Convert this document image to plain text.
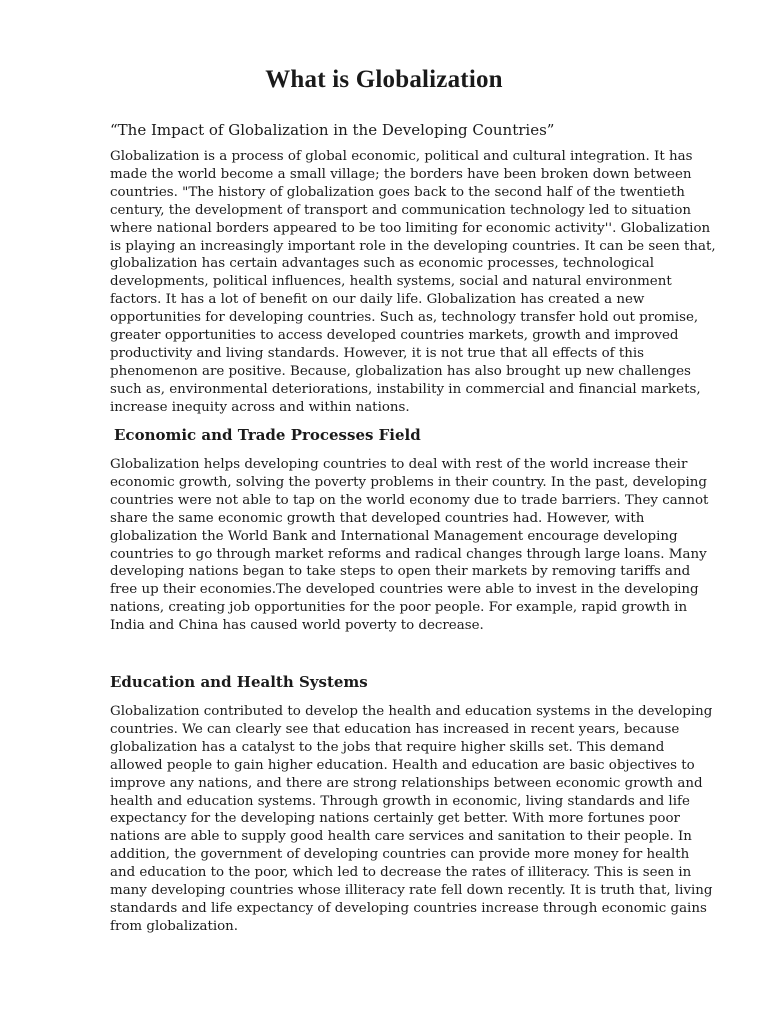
What is Globalization

“The Impact of Globalization in the Developing Countries”

Globalization is a process of global economic, political and cultural integration. It has
made the world become a small village; the borders have been broken down between
countries. "The history of globalization goes back to the second half of the twentieth
century, the development of transport and communication technology led to situation
where national borders appeared to be too limiting for economic activity''. Globalization
is playing an increasingly important role in the developing countries. It can be seen that,
globalization has certain advantages such as economic processes, technological
developments, political influences, health systems, social and natural environment
factors. It has a lot of benefit on our daily life. Globalization has created a new
opportunities for developing countries. Such as, technology transfer hold out promise,
greater opportunities to access developed countries markets, growth and improved
productivity and living standards. However, it is not true that all effects of this
phenomenon are positive. Because, globalization has also brought up new challenges
such as, environmental deteriorations, instability in commercial and financial markets,
increase inequity across and within nations.
Economic and Trade Processes Field
Globalization helps developing countries to deal with rest of the world increase their
economic growth, solving the poverty problems in their country. In the past, developing
countries were not able to tap on the world economy due to trade barriers. They cannot
share the same economic growth that developed countries had. However, with
globalization the World Bank and International Management encourage developing
countries to go through market reforms and radical changes through large loans. Many
developing nations began to take steps to open their markets by removing tariffs and
free up their economies.The developed countries were able to invest in the developing
nations, creating job opportunities for the poor people. For example, rapid growth in
India and China has caused world poverty to decrease.
Education and Health Systems
Globalization contributed to develop the health and education systems in the developing
countries. We can clearly see that education has increased in recent years, because
globalization has a catalyst to the jobs that require higher skills set. This demand
allowed people to gain higher education. Health and education are basic objectives to
improve any nations, and there are strong relationships between economic growth and
health and education systems. Through growth in economic, living standards and life
expectancy for the developing nations certainly get better. With more fortunes poor
nations are able to supply good health care services and sanitation to their people. In
addition, the government of developing countries can provide more money for health
and education to the poor, which led to decrease the rates of illiteracy. This is seen in
many developing countries whose illiteracy rate fell down recently. It is truth that, living
standards and life expectancy of developing countries increase through economic gains
from globalization.
